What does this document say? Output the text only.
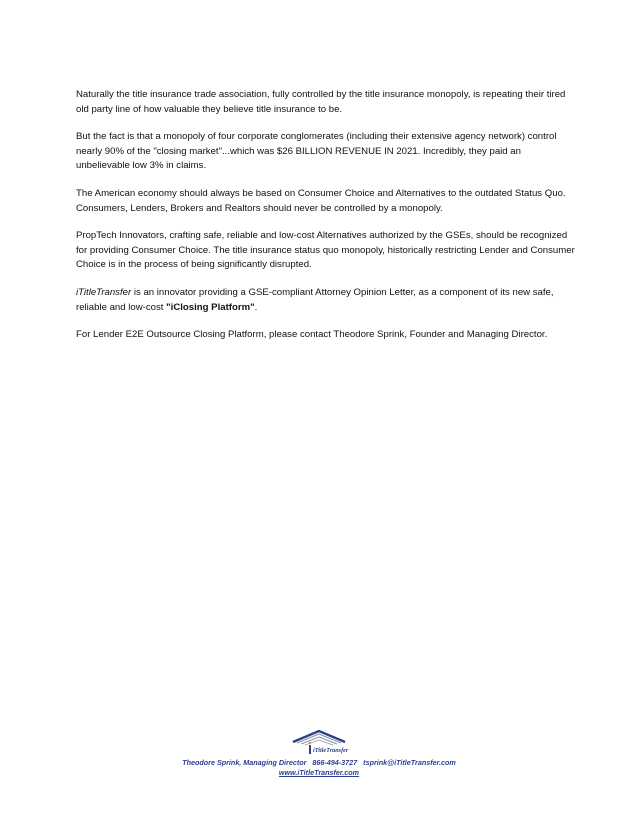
Naturally the title insurance trade association, fully controlled by the title insurance monopoly, is repeating their tired old party line of how valuable they believe title insurance to be.

But the fact is that a monopoly of four corporate conglomerates (including their extensive agency network) control nearly 90% of the "closing market"...which was $26 BILLION REVENUE IN 2021. Incredibly, they paid an unbelievable low 3% in claims.

The American economy should always be based on Consumer Choice and Alternatives to the outdated Status Quo. Consumers, Lenders, Brokers and Realtors should never be controlled by a monopoly.

PropTech Innovators, crafting safe, reliable and low-cost Alternatives authorized by the GSEs, should be recognized for providing Consumer Choice. The title insurance status quo monopoly, historically restricting Lender and Consumer Choice is in the process of being significantly disrupted.

iTitleTransfer is an innovator providing a GSE-compliant Attorney Opinion Letter, as a component of its new safe, reliable and low-cost "iClosing Platform".

For Lender E2E Outsource Closing Platform, please contact Theodore Sprink, Founder and Managing Director.

iTitleTransfer
Theodore Sprink, Managing Director 866-494-3727 tsprink@iTitleTransfer.com
www.iTitleTransfer.com
